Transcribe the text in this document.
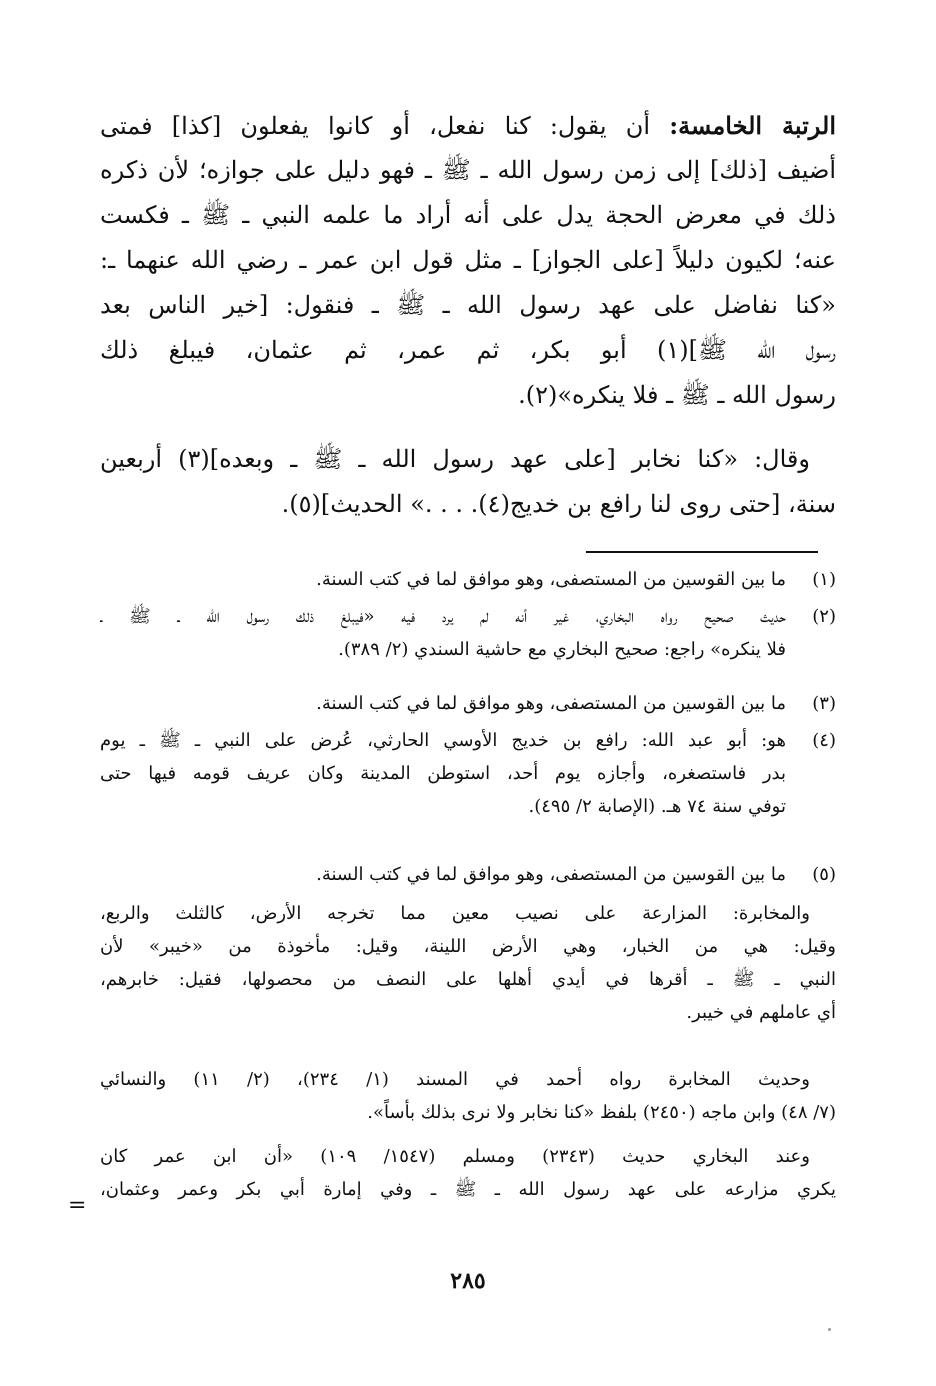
الرتبة الخامسة: أن يقول: كنا نفعل، أو كانوا يفعلون [كذا] فمتى
أضيف [ذلك] إلى زمن رسول الله ـ ﷺ ـ فهو دليل على جوازه؛ لأن ذكره
ذلك في معرض الحجة يدل على أنه أراد ما علمه النبي ـ ﷺ ـ فكست
عنه؛ لكيون دليلاً [على الجواز] ـ مثل قول ابن عمر ـ رضي الله عنهما ـ:
«كنا نفاضل على عهد رسول الله ـ ﷺ ـ فنقول: [خير الناس بعد
رسول الله ﷺ](١) أبو بكر، ثم عمر، ثم عثمان، فيبلغ ذلك
رسول الله ـ ﷺ ـ فلا ينكره»(٢).
وقال: «كنا نخابر [على عهد رسول الله ـ ﷺ ـ وبعده](٣) أربعين
سنة، [حتى روى لنا رافع بن خديج(٤). . . .» الحديث](٥).
(١)
ما بين القوسين من المستصفى، وهو موافق لما في كتب السنة.
(٢)
حديث صحيح رواه البخاري، غير أنه لم يرد فيه «فيبلغ ذلك رسول الله ـ ﷺ ـ
فلا ينكره» راجع: صحيح البخاري مع حاشية السندي (٢/ ٣٨٩).
(٣)
ما بين القوسين من المستصفى، وهو موافق لما في كتب السنة.
(٤)
هو: أبو عبد الله: رافع بن خديج الأوسي الحارثي، عُرض على النبي ـ ﷺ ـ يوم
بدر فاستصغره، وأجازه يوم أحد، استوطن المدينة وكان عريف قومه فيها حتى
توفي سنة ٧٤ هـ. (الإصابة ٢/ ٤٩٥).
(٥)
ما بين القوسين من المستصفى، وهو موافق لما في كتب السنة.
والمخابرة: المزارعة على نصيب معين مما تخرجه الأرض، كالثلث والربع،
وقيل: هي من الخبار، وهي الأرض اللينة، وقيل: مأخوذة من «خيبر» لأن
النبي ـ ﷺ ـ أقرها في أيدي أهلها على النصف من محصولها، فقيل: خابرهم،
أي عاملهم في خيبر.
وحديث المخابرة رواه أحمد في المسند (١/ ٢٣٤)، (٢/ ١١) والنسائي
(٧/ ٤٨) وابن ماجه (٢٤٥٠) بلفظ «كنا نخابر ولا نرى بذلك بأساً».
وعند البخاري حديث (٢٣٤٣) ومسلم (١٥٤٧/ ١٠٩) «أن ابن عمر كان
يكري مزارعه على عهد رسول الله ـ ﷺ ـ وفي إمارة أبي بكر وعمر وعثمان،
=
٢٨٥
